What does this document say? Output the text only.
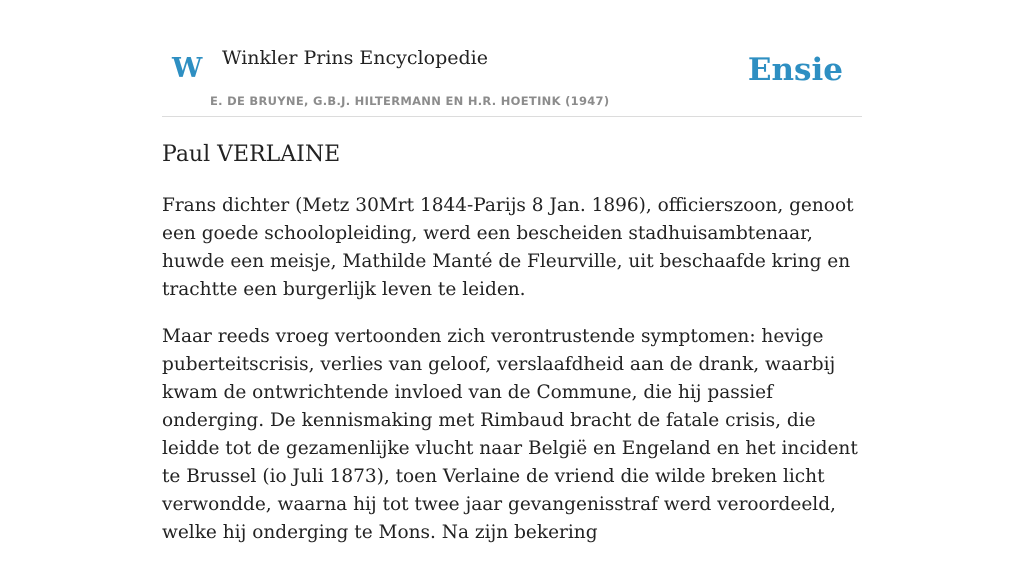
W Winkler Prins Encyclopedie
E. DE BRUYNE, G.B.J. HILTERMANN EN H.R. HOETINK (1947)
Ensie
Paul VERLAINE

Frans dichter (Metz 30Mrt 1844-Parijs 8 Jan. 1896), officierszoon, genoot een goede schoolopleiding, werd een bescheiden stadhuisambtenaar, huwde een meisje, Mathilde Manté de Fleurville, uit beschaafde kring en trachtte een burgerlijk leven te leiden.

Maar reeds vroeg vertoonden zich verontrustende symptomen: hevige puberteitscrisis, verlies van geloof, verslaafdheid aan de drank, waarbij kwam de ontwrichtende invloed van de Commune, die hij passief onderging. De kennismaking met Rimbaud bracht de fatale crisis, die leidde tot de gezamenlijke vlucht naar België en Engeland en het incident te Brussel (io Juli 1873), toen Verlaine de vriend die wilde breken licht verwondde, waarna hij tot twee jaar gevangenisstraf werd veroordeeld, welke hij onderging te Mons. Na zijn bekering
